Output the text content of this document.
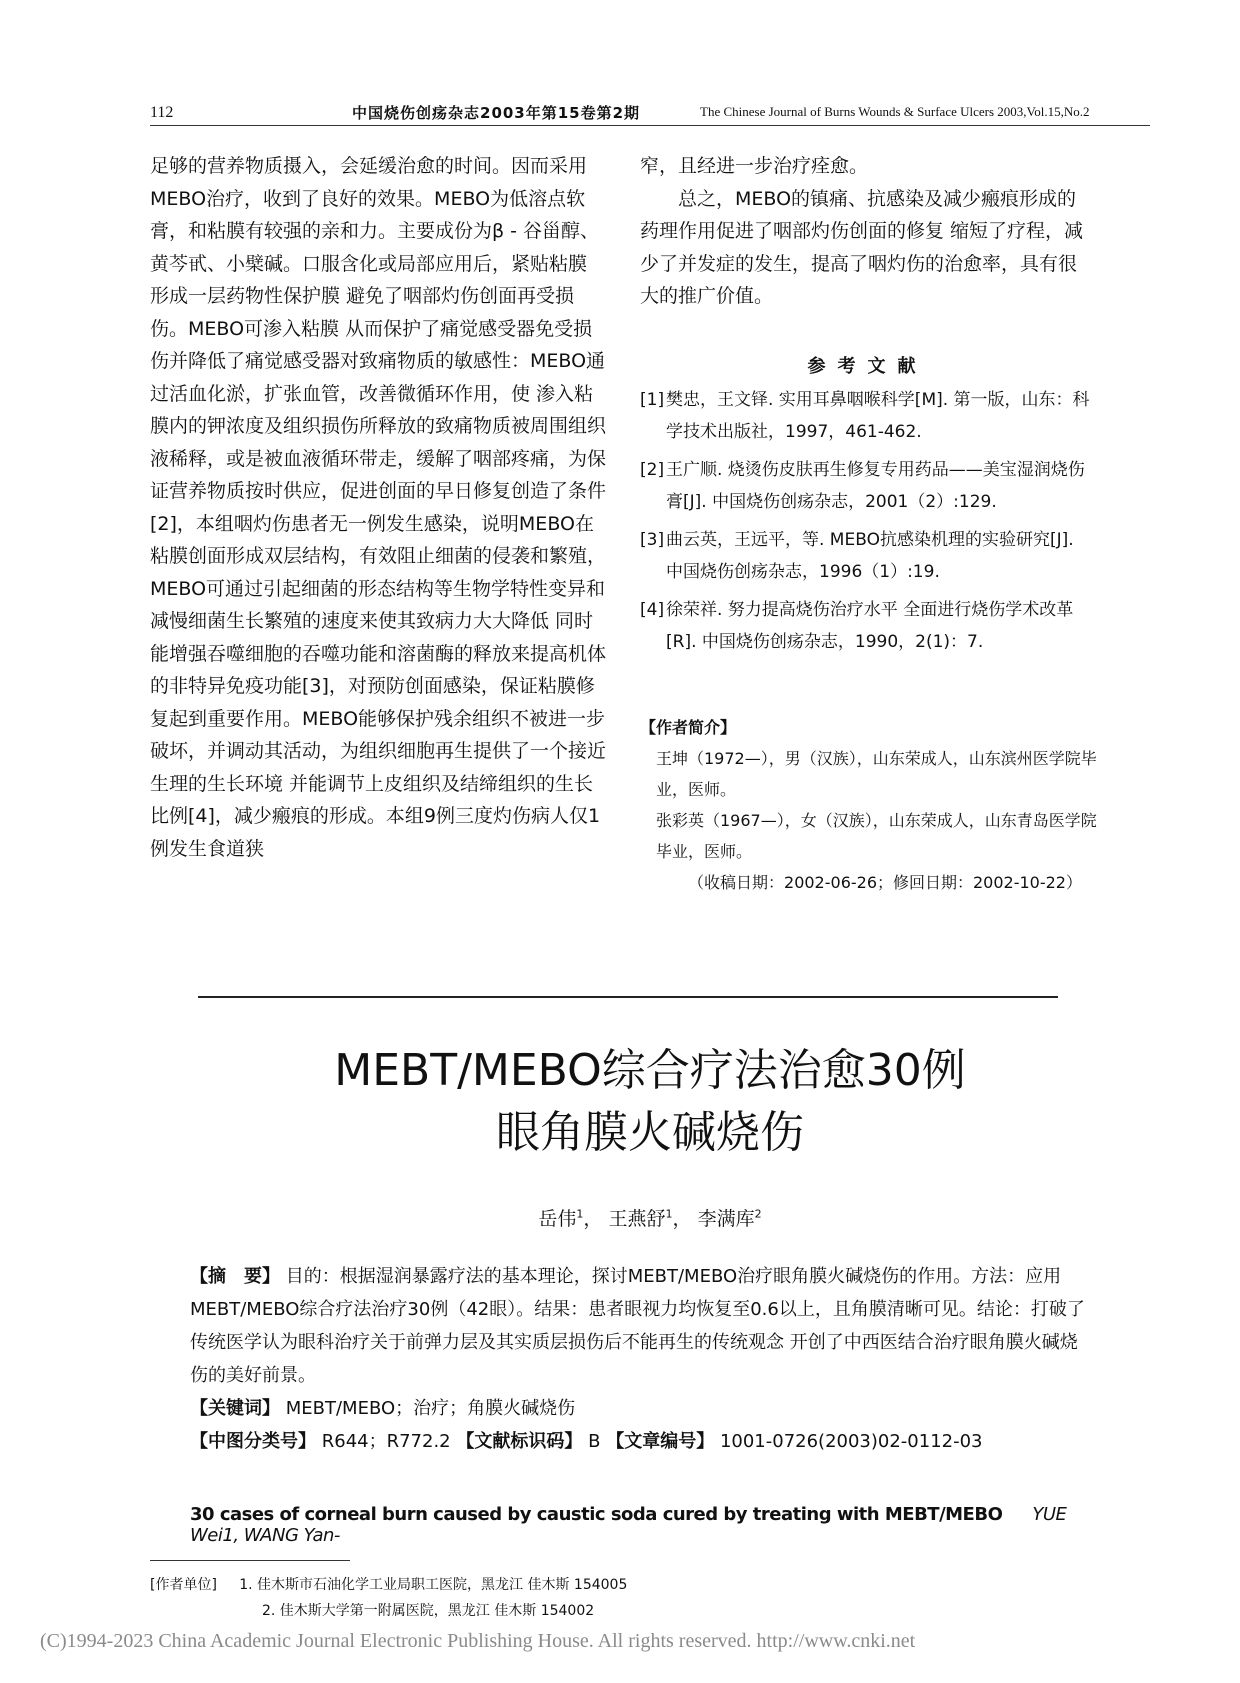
112	中国烧伤创疡杂志2003年第15卷第2期	The Chinese Journal of Burns Wounds & Surface Ulcers 2003,Vol.15,No.2

足够的营养物质摄入，会延缓治愈的时间。因而采用MEBO治疗，收到了良好的效果。MEBO为低溶点软膏，和粘膜有较强的亲和力。主要成份为β - 谷甾醇、黄芩甙、小檗碱。口服含化或局部应用后，紧贴粘膜 形成一层药物性保护膜 避免了咽部灼伤创面再受损伤。MEBO可渗入粘膜 从而保护了痛觉感受器免受损伤并降低了痛觉感受器对致痛物质的敏感性：MEBO通过活血化淤，扩张血管，改善微循环作用，使 渗入粘膜内的钾浓度及组织损伤所释放的致痛物质被周围组织液稀释，或是被血液循环带走，缓解了咽部疼痛，为保证营养物质按时供应，促进创面的早日修复创造了条件[2]，本组咽灼伤患者无一例发生感染，说明MEBO在粘膜创面形成双层结构，有效阻止细菌的侵袭和繁殖，MEBO可通过引起细菌的形态结构等生物学特性变异和减慢细菌生长繁殖的速度来使其致病力大大降低 同时能增强吞噬细胞的吞噬功能和溶菌酶的释放来提高机体的非特异免疫功能[3]，对预防创面感染，保证粘膜修复起到重要作用。MEBO能够保护残余组织不被进一步破坏，并调动其活动，为组织细胞再生提供了一个接近生理的生长环境 并能调节上皮组织及结缔组织的生长比例[4]，减少瘢痕的形成。本组9例三度灼伤病人仅1例发生食道狭

窄，且经进一步治疗痊愈。

总之，MEBO的镇痛、抗感染及减少瘢痕形成的药理作用促进了咽部灼伤创面的修复 缩短了疗程，减少了并发症的发生，提高了咽灼伤的治愈率，具有很大的推广价值。

参考文献
[1] 樊忠，王文铎. 实用耳鼻咽喉科学[M]. 第一版，山东：科学技术出版社，1997，461-462.
[2] 王广顺. 烧烫伤皮肤再生修复专用药品——美宝湿润烧伤膏[J]. 中国烧伤创疡杂志，2001（2）:129.
[3] 曲云英，王远平，等. MEBO抗感染机理的实验研究[J]. 中国烧伤创疡杂志，1996（1）:19.
[4] 徐荣祥. 努力提高烧伤治疗水平 全面进行烧伤学术改革[R]. 中国烧伤创疡杂志，1990，2(1)：7.
【作者简介】
王坤（1972—），男（汉族），山东荣成人，山东滨州医学院毕业，医师。
张彩英（1967—），女（汉族），山东荣成人，山东青岛医学院毕业，医师。
（收稿日期：2002-06-26；修回日期：2002-10-22）
MEBT/MEBO综合疗法治愈30例
眼角膜火碱烧伤
岳伟$^1$， 王燕舒$^1$， 李满库$^2$

【摘　要】 目的：根据湿润暴露疗法的基本理论，探讨MEBT/MEBO治疗眼角膜火碱烧伤的作用。方法：应用MEBT/MEBO综合疗法治疗30例（42眼）。结果：患者眼视力均恢复至0.6以上，且角膜清晰可见。结论：打破了传统医学认为眼科治疗关于前弹力层及其实质层损伤后不能再生的传统观念 开创了中西医结合治疗眼角膜火碱烧伤的美好前景。

【关键词】 MEBT/MEBO；治疗；角膜火碱烧伤

【中图分类号】 R644；R772.2 【文献标识码】 B 【文章编号】 1001-0726(2003)02-0112-03

30 cases of corneal burn caused by caustic soda cured by treating with MEBT/MEBO YUE Wei1, WANG Yan-
[作者单位] 1. 佳木斯市石油化学工业局职工医院，黑龙江 佳木斯 154005
2. 佳木斯大学第一附属医院，黑龙江 佳木斯 154002
(C)1994-2023 China Academic Journal Electronic Publishing House. All rights reserved. http://www.cnki.net
